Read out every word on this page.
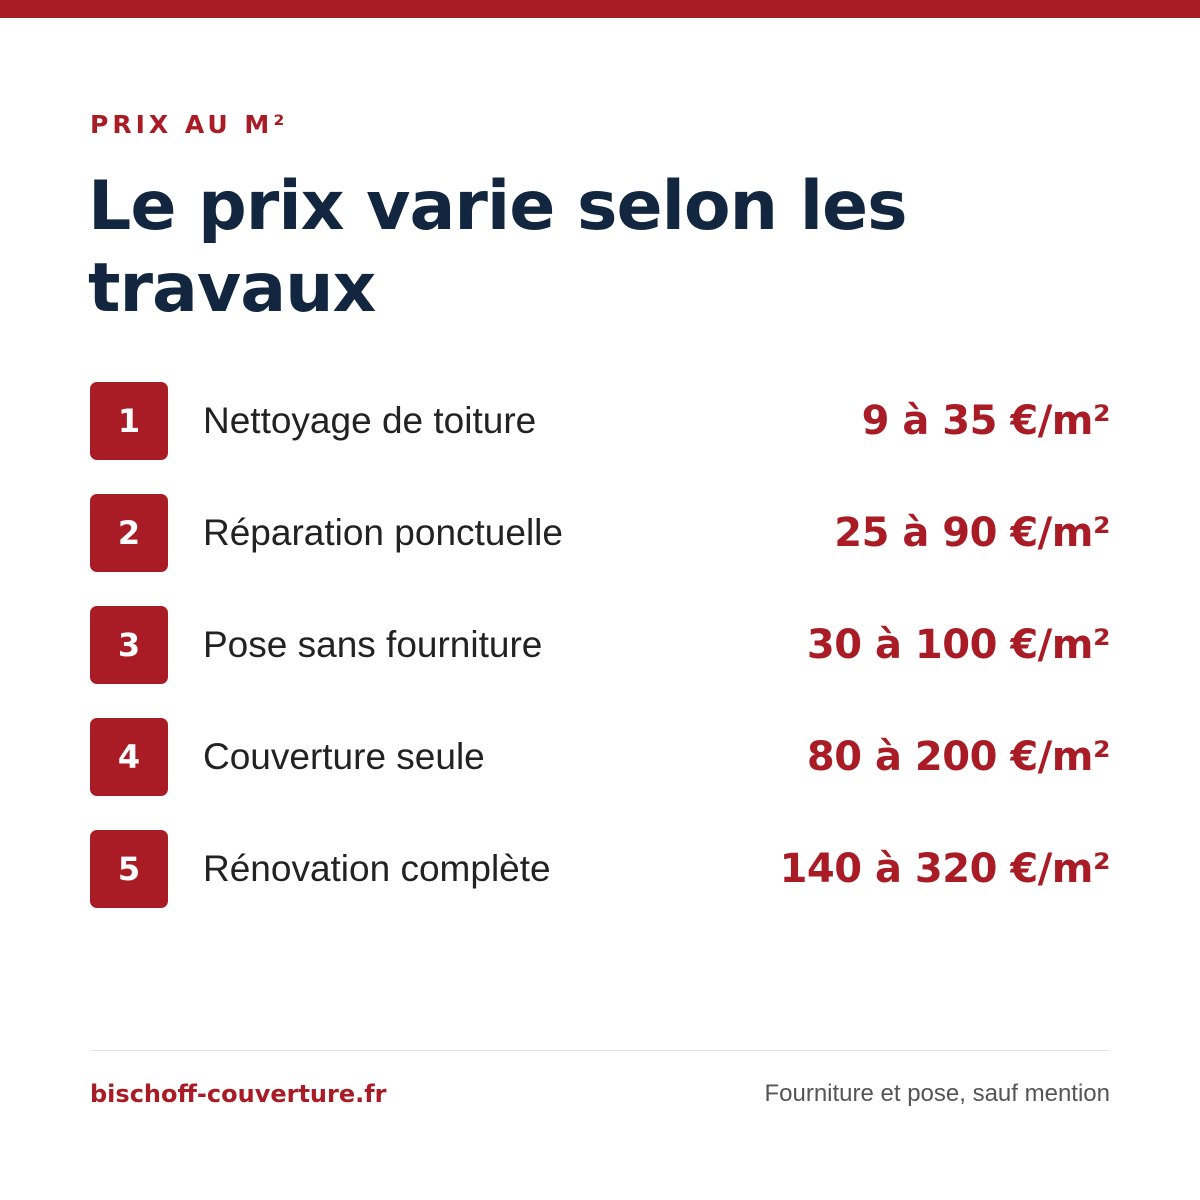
PRIX AU M²
Le prix varie selon les travaux
1	Nettoyage de toiture	9 à 35 €/m²
2	Réparation ponctuelle	25 à 90 €/m²
3	Pose sans fourniture	30 à 100 €/m²
4	Couverture seule	80 à 200 €/m²
5	Rénovation complète	140 à 320 €/m²
bischoff-couverture.fr	Fourniture et pose, sauf mention
